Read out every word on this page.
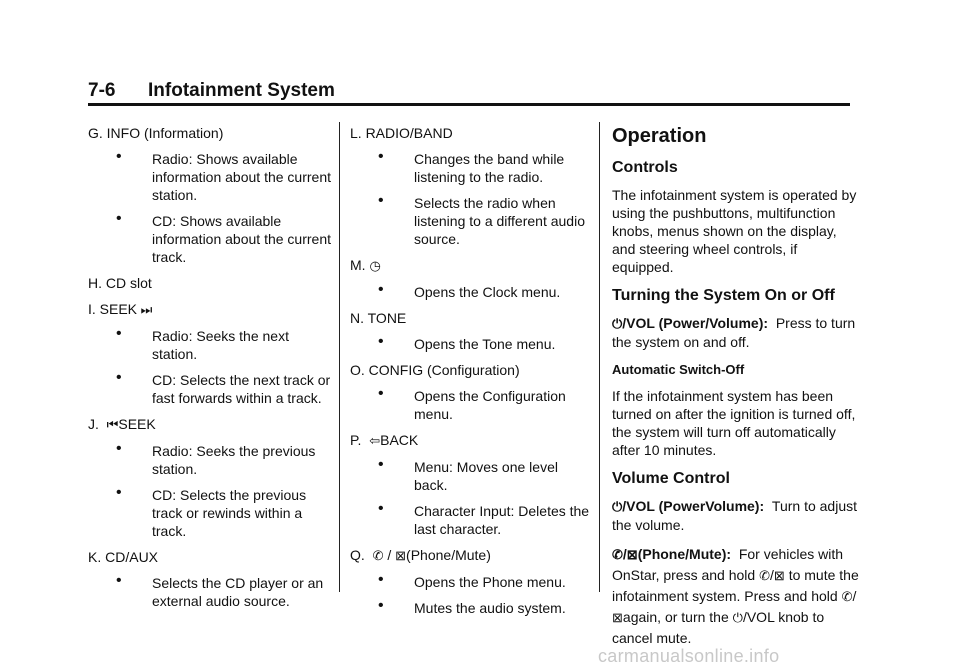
7-6 Infotainment System
G. INFO (Information)
• Radio: Shows available information about the current station.
• CD: Shows available information about the current track.
H. CD slot
I. SEEK ⏭
• Radio: Seeks the next station.
• CD: Selects the next track or fast forwards within a track.
J. ⏮SEEK
• Radio: Seeks the previous station.
• CD: Selects the previous track or rewinds within a track.
K. CD/AUX
• Selects the CD player or an external audio source.
L. RADIO/BAND
• Changes the band while listening to the radio.
• Selects the radio when listening to a different audio source.
M. ◷
• Opens the Clock menu.
N. TONE
• Opens the Tone menu.
O. CONFIG (Configuration)
• Opens the Configuration menu.
P. ⇦BACK
• Menu: Moves one level back.
• Character Input: Deletes the last character.
Q. ✆ / ⊠(Phone/Mute)
• Opens the Phone menu.
• Mutes the audio system.
Operation
Controls
The infotainment system is operated by using the pushbuttons, multifunction knobs, menus shown on the display, and steering wheel controls, if equipped.
Turning the System On or Off
⏻/VOL (Power/Volume): Press to turn the system on and off.
Automatic Switch-Off
If the infotainment system has been turned on after the ignition is turned off, the system will turn off automatically after 10 minutes.
Volume Control
⏻/VOL (PowerVolume): Turn to adjust the volume.
✆/⊠(Phone/Mute): For vehicles with OnStar, press and hold ✆/⊠ to mute the infotainment system. Press and hold ✆/⊠again, or turn the ⏻/VOL knob to cancel mute.
carmanualsonline.info
